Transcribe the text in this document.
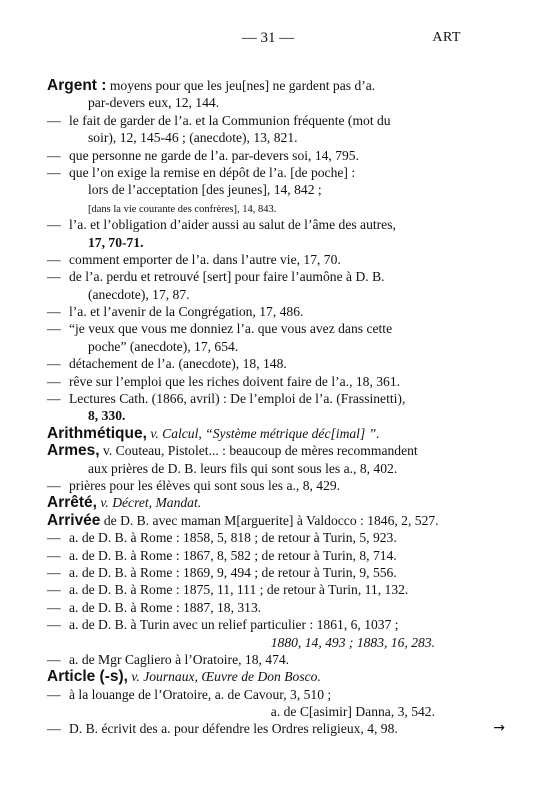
— 31 —	ART
Argent : moyens pour que les jeu[nes] ne gardent pas d’a.
par-devers eux, 12, 144.
— le fait de garder de l’a. et la Communion fréquente (mot du
soir), 12, 145-46 ; (anecdote), 13, 821.
— que personne ne garde de l’a. par-devers soi, 14, 795.
— que l’on exige la remise en dépôt de l’a. [de poche] :
lors de l’acceptation [des jeunes], 14, 842 ;
[dans la vie courante des confrères], 14, 843.
— l’a. et l’obligation d’aider aussi au salut de l’âme des autres,
17, 70-71.
— comment emporter de l’a. dans l’autre vie, 17, 70.
— de l’a. perdu et retrouvé [sert] pour faire l’aumône à D. B.
(anecdote), 17, 87.
— l’a. et l’avenir de la Congrégation, 17, 486.
— “je veux que vous me donniez l’a. que vous avez dans cette
poche” (anecdote), 17, 654.
— détachement de l’a. (anecdote), 18, 148.
— rêve sur l’emploi que les riches doivent faire de l’a., 18, 361.
— Lectures Cath. (1866, avril) : De l’emploi de l’a. (Frassinetti),
8, 330.
Arithmétique, v. Calcul, “Système métrique déc[imal] ”.
Armes, v. Couteau, Pistolet... : beaucoup de mères recommandent
aux prières de D. B. leurs fils qui sont sous les a., 8, 402.
— prières pour les élèves qui sont sous les a., 8, 429.
Arrêté, v. Décret, Mandat.
Arrivée de D. B. avec maman M[arguerite] à Valdocco : 1846, 2, 527.
— a. de D. B. à Rome : 1858, 5, 818 ; de retour à Turin, 5, 923.
— a. de D. B. à Rome : 1867, 8, 582 ; de retour à Turin, 8, 714.
— a. de D. B. à Rome : 1869, 9, 494 ; de retour à Turin, 9, 556.
— a. de D. B. à Rome : 1875, 11, 111 ; de retour à Turin, 11, 132.
— a. de D. B. à Rome : 1887, 18, 313.
— a. de D. B. à Turin avec un relief particulier : 1861, 6, 1037 ;
1880, 14, 493 ; 1883, 16, 283.
— a. de Mgr Cagliero à l’Oratoire, 18, 474.
Article (-s), v. Journaux, Œuvre de Don Bosco.
— à la louange de l’Oratoire, a. de Cavour, 3, 510 ;
a. de C[asimir] Danna, 3, 542.
— D. B. écrivit des a. pour défendre les Ordres religieux, 4, 98.	→
